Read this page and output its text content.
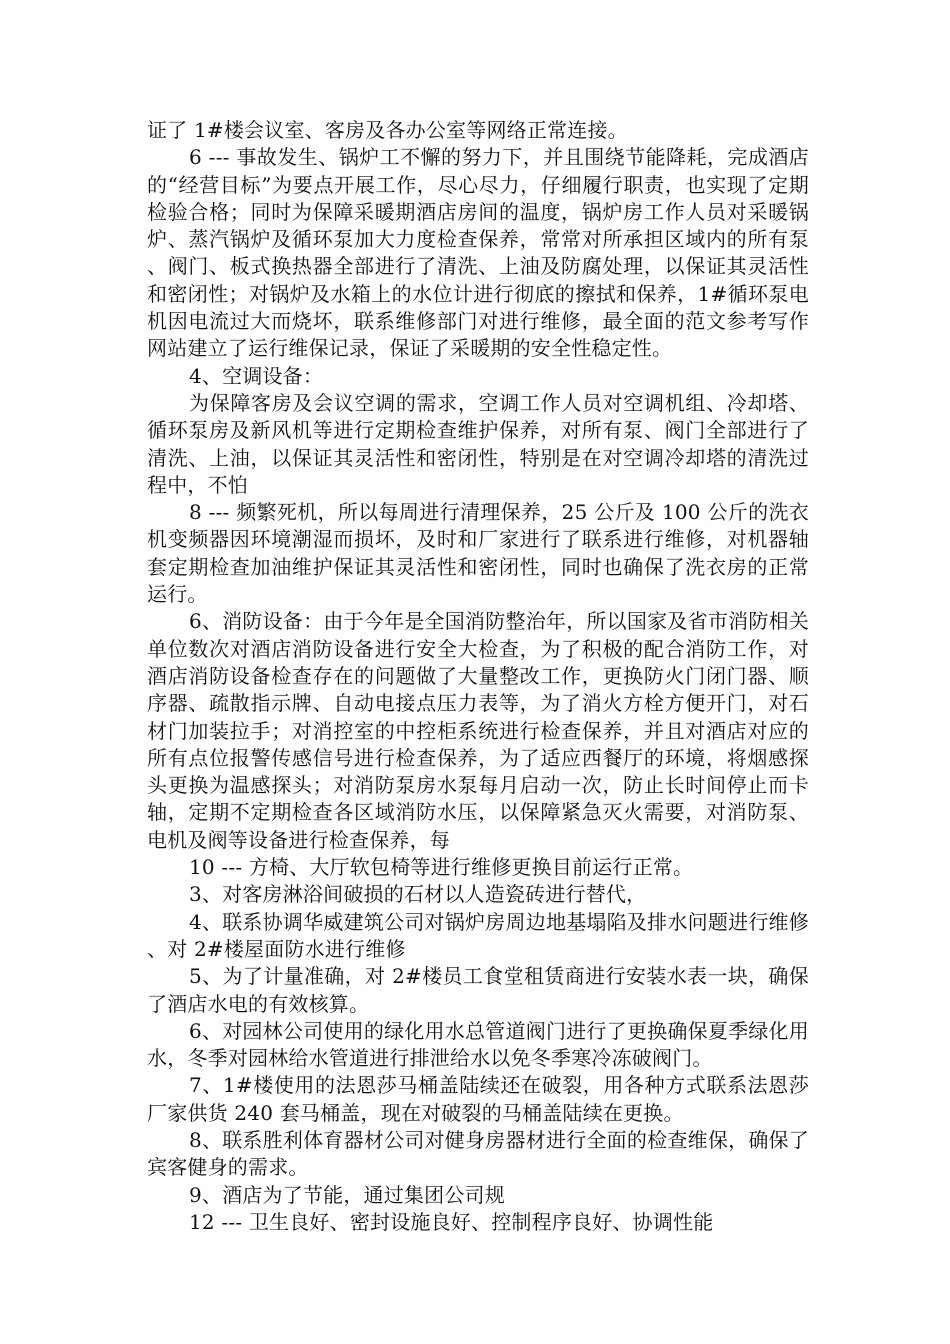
证了 1#楼会议室、客房及各办公室等网络正常连接。

6 --- 事故发生、锅炉工不懈的努力下，并且围绕节能降耗，完成酒店的“经营目标”为要点开展工作，尽心尽力，仔细履行职责，也实现了定期检验合格；同时为保障采暖期酒店房间的温度，锅炉房工作人员对采暖锅炉、蒸汽锅炉及循环泵加大力度检查保养，常常对所承担区域内的所有泵、阀门、板式换热器全部进行了清洗、上油及防腐处理，以保证其灵活性和密闭性；对锅炉及水箱上的水位计进行彻底的擦拭和保养，1#循环泵电机因电流过大而烧坏，联系维修部门对进行维修，最全面的范文参考写作网站建立了运行维保记录，保证了采暖期的安全性稳定性。

4、空调设备：

为保障客房及会议空调的需求，空调工作人员对空调机组、冷却塔、循环泵房及新风机等进行定期检查维护保养，对所有泵、阀门全部进行了清洗、上油，以保证其灵活性和密闭性，特别是在对空调冷却塔的清洗过程中，不怕

8 --- 频繁死机，所以每周进行清理保养，25 公斤及 100 公斤的洗衣机变频器因环境潮湿而损坏，及时和厂家进行了联系进行维修，对机器轴套定期检查加油维护保证其灵活性和密闭性，同时也确保了洗衣房的正常运行。

6、消防设备：由于今年是全国消防整治年，所以国家及省市消防相关单位数次对酒店消防设备进行安全大检查，为了积极的配合消防工作，对酒店消防设备检查存在的问题做了大量整改工作，更换防火门闭门器、顺序器、疏散指示牌、自动电接点压力表等，为了消火方栓方便开门，对石材门加装拉手；对消控室的中控柜系统进行检查保养，并且对酒店对应的所有点位报警传感信号进行检查保养，为了适应西餐厅的环境，将烟感探头更换为温感探头；对消防泵房水泵每月启动一次，防止长时间停止而卡轴，定期不定期检查各区域消防水压，以保障紧急灭火需要，对消防泵、电机及阀等设备进行检查保养，每

10 --- 方椅、大厅软包椅等进行维修更换目前运行正常。

3、对客房淋浴间破损的石材以人造瓷砖进行替代，

4、联系协调华威建筑公司对锅炉房周边地基塌陷及排水问题进行维修、对 2#楼屋面防水进行维修

5、为了计量准确，对 2#楼员工食堂租赁商进行安装水表一块，确保了酒店水电的有效核算。

6、对园林公司使用的绿化用水总管道阀门进行了更换确保夏季绿化用水，冬季对园林给水管道进行排泄给水以免冬季寒冷冻破阀门。

7、1#楼使用的法恩莎马桶盖陆续还在破裂，用各种方式联系法恩莎厂家供货 240 套马桶盖，现在对破裂的马桶盖陆续在更换。

8、联系胜利体育器材公司对健身房器材进行全面的检查维保，确保了宾客健身的需求。

9、酒店为了节能，通过集团公司规

12 --- 卫生良好、密封设施良好、控制程序良好、协调性能
